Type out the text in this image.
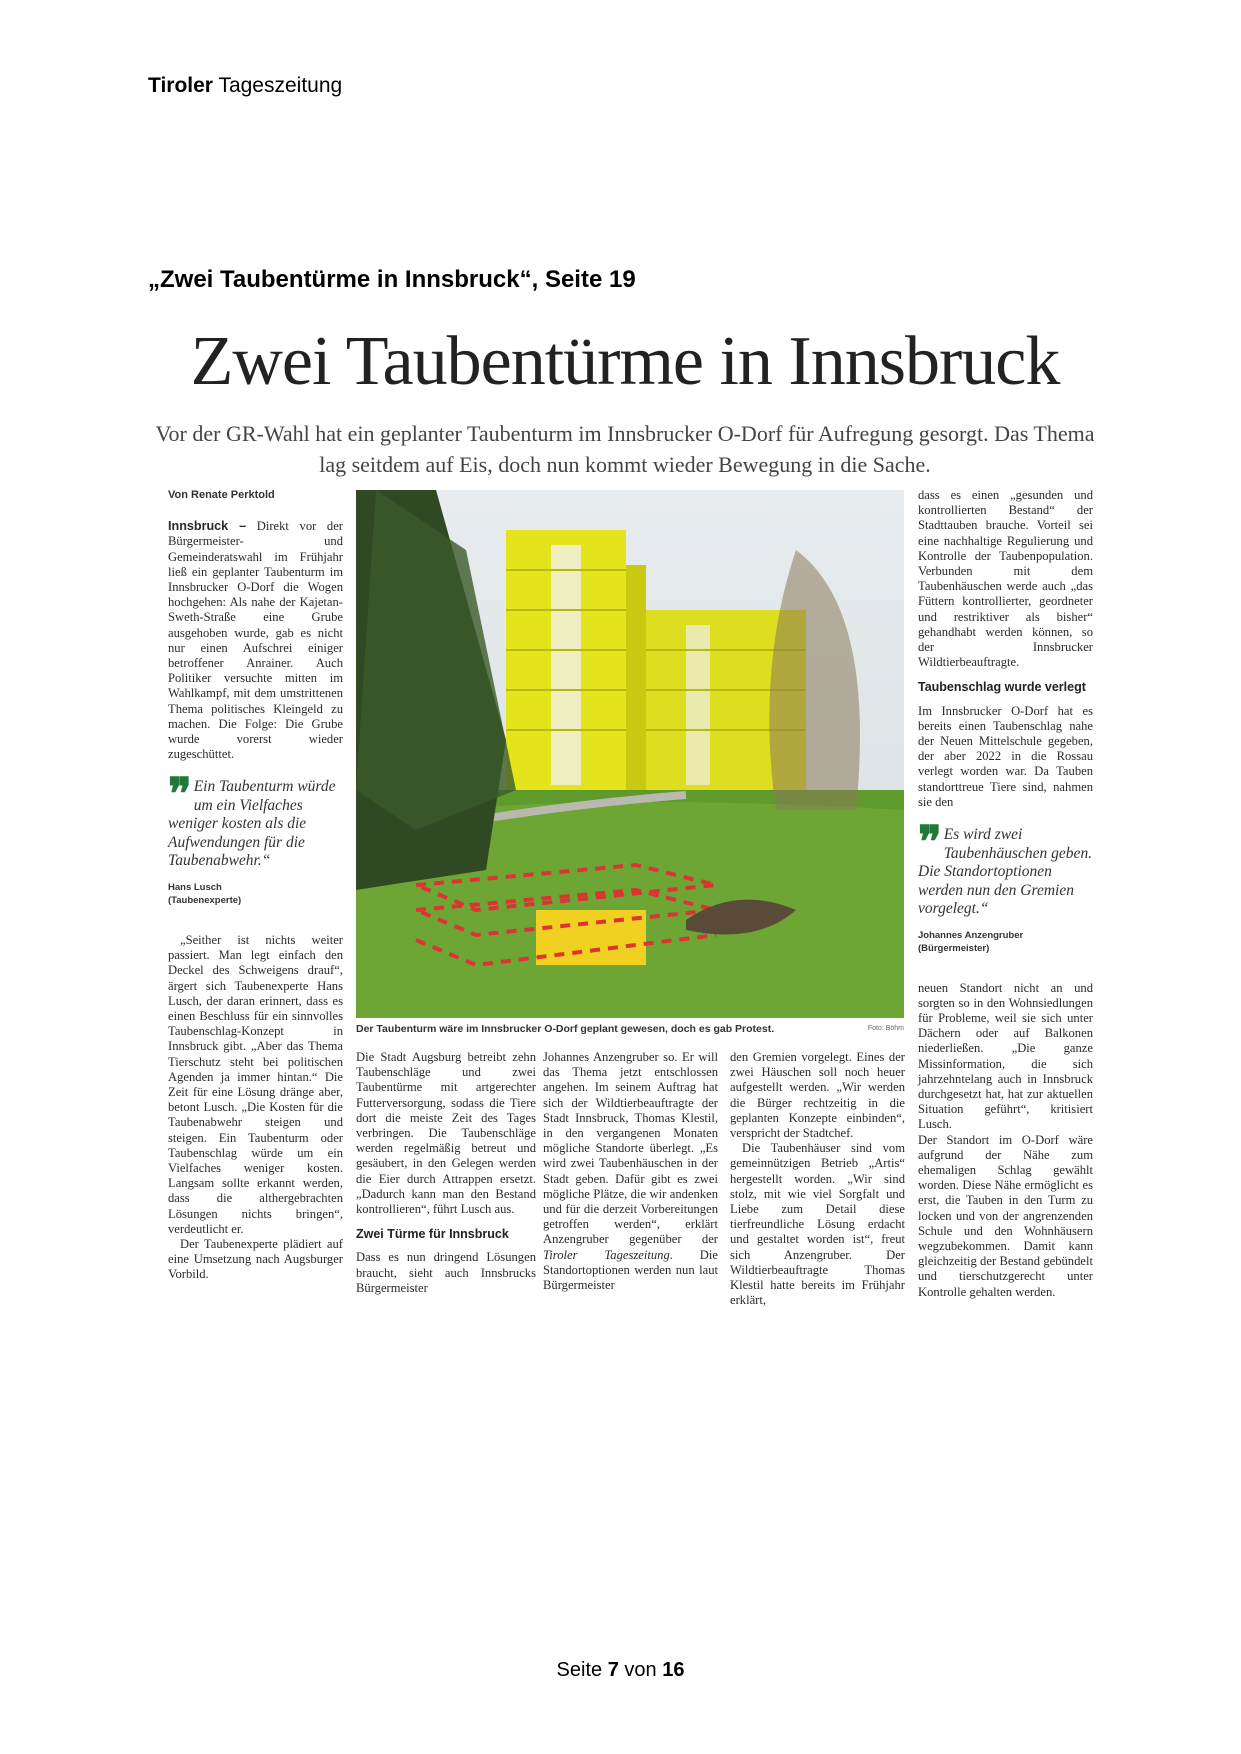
Tiroler Tageszeitung
„Zwei Taubentürme in Innsbruck“, Seite 19
Zwei Taubentürme in Innsbruck
Vor der GR-Wahl hat ein geplanter Taubenturm im Innsbrucker O-Dorf für Aufregung gesorgt. Das Thema lag seitdem auf Eis, doch nun kommt wieder Bewegung in die Sache.

Von Renate Perktold

Innsbruck – Direkt vor der Bürgermeister- und Gemeinderatswahl im Frühjahr ließ ein geplanter Taubenturm im Innsbrucker O-Dorf die Wogen hochgehen: Als nahe der Kajetan-Sweth-Straße eine Grube ausgehoben wurde, gab es nicht nur einen Aufschrei einiger betroffener Anrainer. Auch Politiker versuchte mitten im Wahlkampf, mit dem umstrittenen Thema politisches Kleingeld zu machen. Die Folge: Die Grube wurde vorerst wieder zugeschüttet.

❞ Ein Taubenturm würde um ein Vielfaches weniger kosten als die Aufwendungen für die Taubenabwehr.“
Hans Lusch
(Taubenexperte)

„Seither ist nichts weiter passiert. Man legt einfach den Deckel des Schweigens drauf“, ärgert sich Taubenexperte Hans Lusch, der daran erinnert, dass es einen Beschluss für ein sinnvolles Taubenschlag-Konzept in Innsbruck gibt. „Aber das Thema Tierschutz steht bei politischen Agenden ja immer hintan.“ Die Zeit für eine Lösung dränge aber, betont Lusch. „Die Kosten für die Taubenabwehr steigen und steigen. Ein Taubenturm oder Taubenschlag würde um ein Vielfaches weniger kosten. Langsam sollte erkannt werden, dass die althergebrachten Lösungen nichts bringen“, verdeutlicht er.

Der Taubenexperte plädiert auf eine Umsetzung nach Augsburger Vorbild.

Der Taubenturm wäre im Innsbrucker O-Dorf geplant gewesen, doch es gab Protest.	Foto: Böhm

Die Stadt Augsburg betreibt zehn Taubenschläge und zwei Taubentürme mit artgerechter Futterversorgung, sodass die Tiere dort die meiste Zeit des Tages verbringen. Die Taubenschläge werden regelmäßig betreut und gesäubert, in den Gelegen werden die Eier durch Attrappen ersetzt. „Dadurch kann man den Bestand kontrollieren“, führt Lusch aus.

Zwei Türme für Innsbruck

Dass es nun dringend Lösungen braucht, sieht auch Innsbrucks Bürgermeister

Johannes Anzengruber so. Er will das Thema jetzt entschlossen angehen. Im seinem Auftrag hat sich der Wildtierbeauftragte der Stadt Innsbruck, Thomas Klestil, in den vergangenen Monaten mögliche Standorte überlegt. „Es wird zwei Taubenhäuschen in der Stadt geben. Dafür gibt es zwei mögliche Plätze, die wir andenken und für die derzeit Vorbereitungen getroffen werden“, erklärt Anzengruber gegenüber der Tiroler Tageszeitung. Die Standortoptionen werden nun laut Bürgermeister

den Gremien vorgelegt. Eines der zwei Häuschen soll noch heuer aufgestellt werden. „Wir werden die Bürger rechtzeitig in die geplanten Konzepte einbinden“, verspricht der Stadtchef.

Die Taubenhäuser sind vom gemeinnützigen Betrieb „Artis“ hergestellt worden. „Wir sind stolz, mit wie viel Sorgfalt und Liebe zum Detail diese tierfreundliche Lösung erdacht und gestaltet worden ist“, freut sich Anzengruber. Der Wildtierbeauftragte Thomas Klestil hatte bereits im Frühjahr erklärt,

dass es einen „gesunden und kontrollierten Bestand“ der Stadttauben brauche. Vorteil sei eine nachhaltige Regulierung und Kontrolle der Taubenpopulation. Verbunden mit dem Taubenhäuschen werde auch „das Füttern kontrollierter, geordneter und restriktiver als bisher“ gehandhabt werden können, so der Innsbrucker Wildtierbeauftragte.

Taubenschlag wurde verlegt

Im Innsbrucker O-Dorf hat es bereits einen Taubenschlag nahe der Neuen Mittelschule gegeben, der aber 2022 in die Rossau verlegt worden war. Da Tauben standorttreue Tiere sind, nahmen sie den

❞ Es wird zwei Taubenhäuschen geben. Die Standortoptionen werden nun den Gremien vorgelegt.“
Johannes Anzengruber
(Bürgermeister)

neuen Standort nicht an und sorgten so in den Wohnsiedlungen für Probleme, weil sie sich unter Dächern oder auf Balkonen niederließen. „Die ganze Missinformation, die sich jahrzehntelang auch in Innsbruck durchgesetzt hat, hat zur aktuellen Situation geführt“, kritisiert Lusch.

Der Standort im O-Dorf wäre aufgrund der Nähe zum ehemaligen Schlag gewählt worden. Diese Nähe ermöglicht es erst, die Tauben in den Turm zu locken und von der angrenzenden Schule und den Wohnhäusern wegzubekommen. Damit kann gleichzeitig der Bestand gebündelt und tierschutzgerecht unter Kontrolle gehalten werden.

Seite 7 von 16
